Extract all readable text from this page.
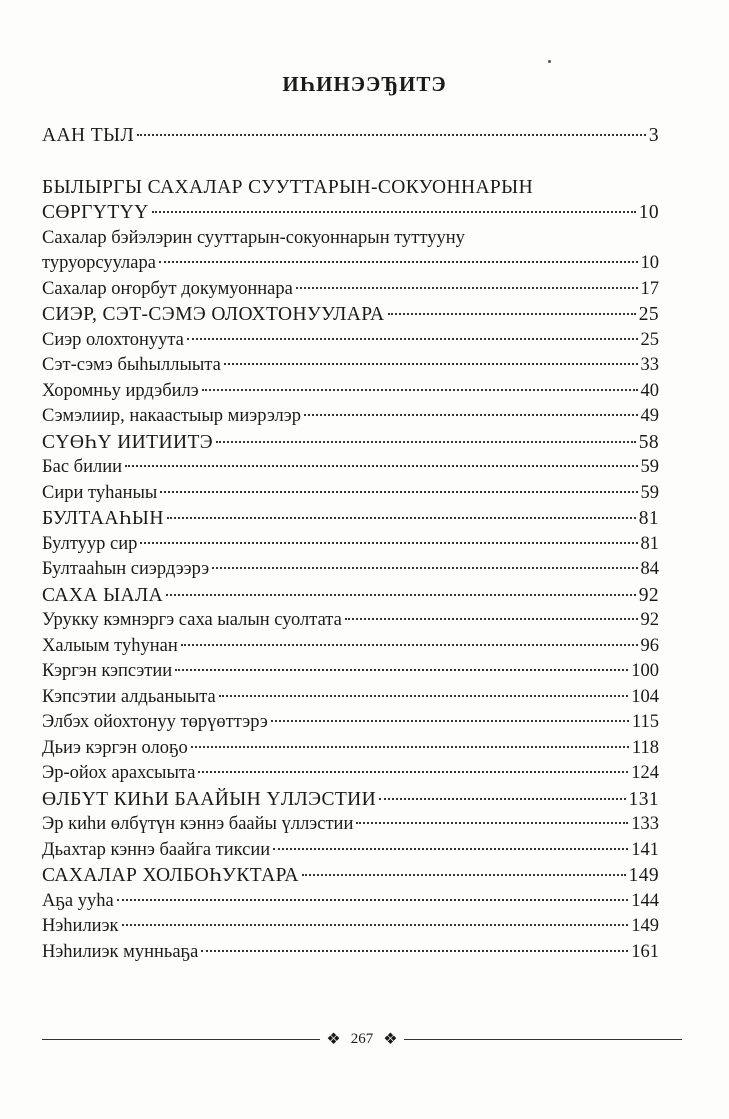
ИҺИНЭЭЂИТЭ
ААН ТЫЛ	3
БЫЛЫРГЫ САХАЛАР СУУТТАРЫН-СОКУОННАРЫН
СӨРГҮТҮҮ	10
Сахалар бэйэлэрин сууттарын-сокуоннарын туттууну
туруорсуулара	10
Сахалар оҥорбут докумуоннара	17
СИЭР, СЭТ-СЭМЭ ОЛОХТОНУУЛАРА	25
Сиэр олохтонуута	25
Сэт-сэмэ быһыллыыта	33
Хоромньу ирдэбилэ	40
Сэмэлиир, накаастыыр миэрэлэр	49
СҮӨҺҮ ИИТИИТЭ	58
Бас билии	59
Сири туһаныы	59
БУЛТААҺЫН	81
Бултуур сир	81
Бултааһын сиэрдээрэ	84
САХА ЫАЛА	92
Урукку кэмнэргэ саха ыалын суолтата	92
Халыым туһунан	96
Кэргэн кэпсэтии	100
Кэпсэтии алдьаныыта	104
Элбэх ойохтонуу төрүөттэрэ	115
Дьиэ кэргэн олоҕо	118
Эр-ойох арахсыыта	124
ӨЛБҮТ КИҺИ БААЙЫН ҮЛЛЭСТИИ	131
Эр киһи өлбүтүн кэннэ баайы үллэстии	133
Дьахтар кэннэ баайга тиксии	141
САХАЛАР ХОЛБОҺУКТАРА	149
Аҕа ууһа	144
Нэһилиэк	149
Нэһилиэк мунньаҕа	161
❖ 267 ❖
